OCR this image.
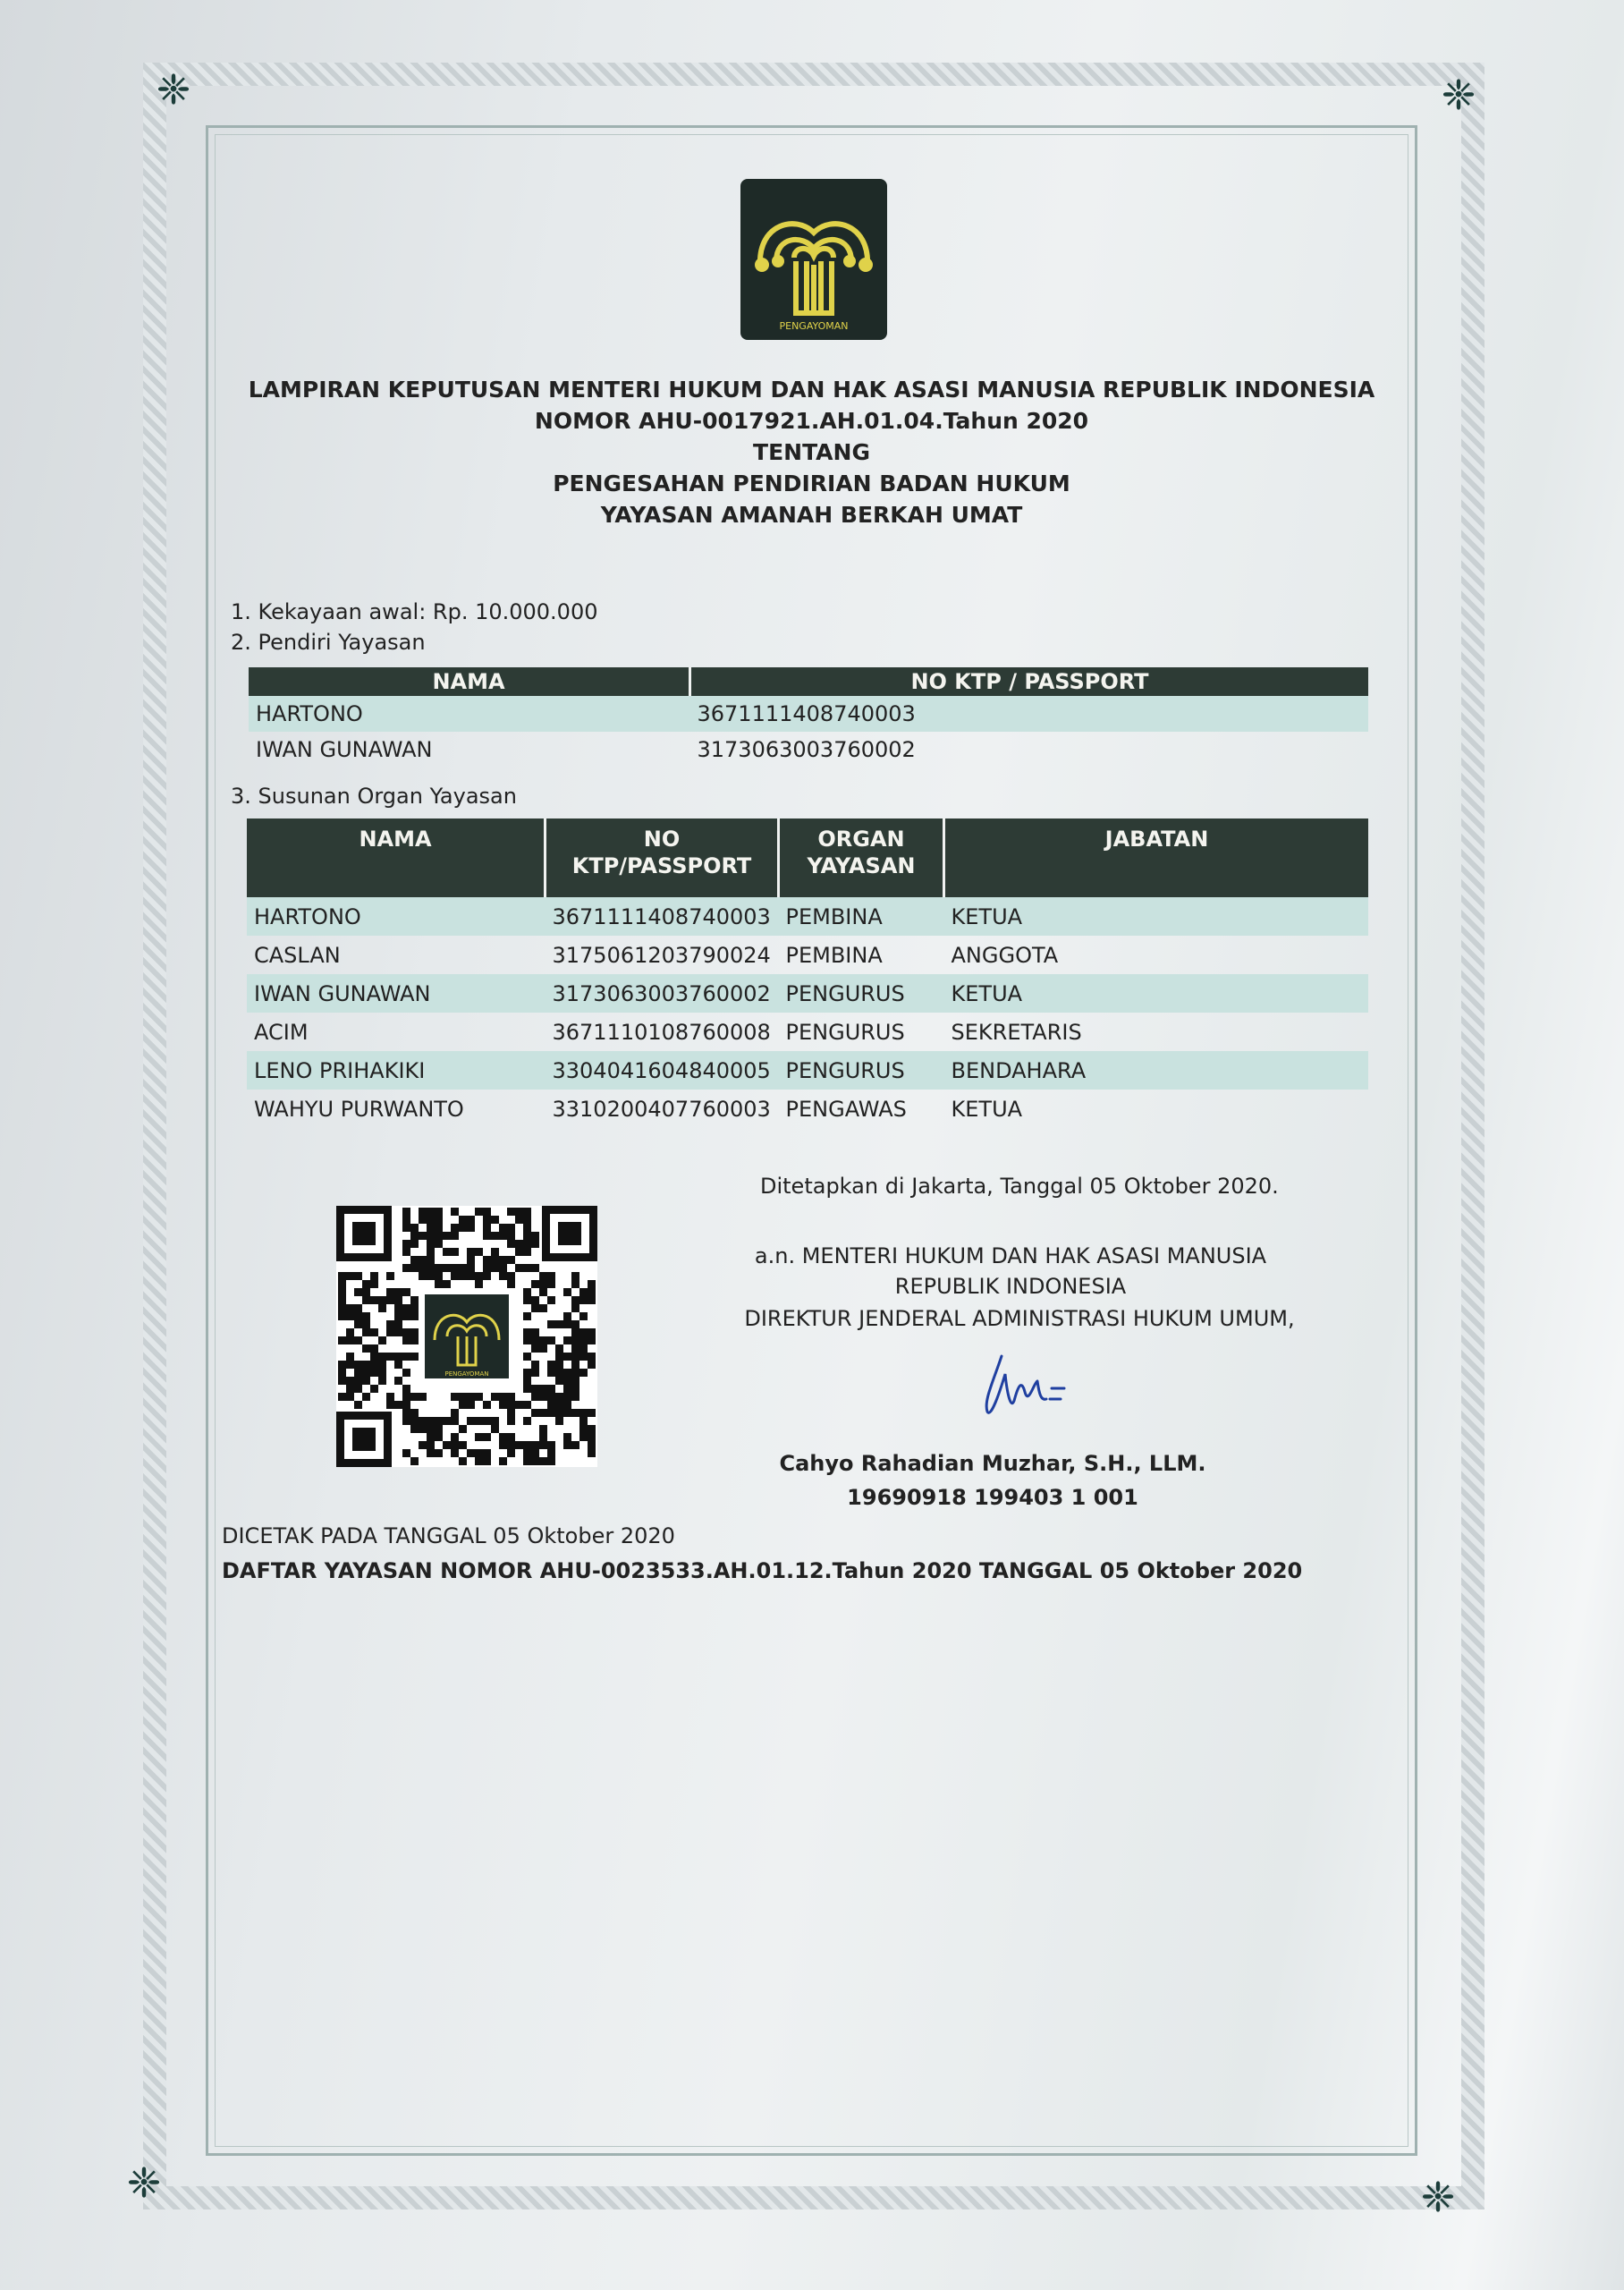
❈	❈
❈	❈
PENGAYOMAN
LAMPIRAN KEPUTUSAN MENTERI HUKUM DAN HAK ASASI MANUSIA REPUBLIK INDONESIA
NOMOR AHU-0017921.AH.01.04.Tahun 2020
TENTANG
PENGESAHAN PENDIRIAN BADAN HUKUM
YAYASAN AMANAH BERKAH UMAT
1. Kekayaan awal: Rp. 10.000.000
2. Pendiri Yayasan
NAMA	NO KTP / PASSPORT
HARTONO	3671111408740003
IWAN GUNAWAN	3173063003760002
3. Susunan Organ Yayasan
NAMA	NO KTP/PASSPORT	ORGAN YAYASAN	JABATAN
HARTONO	3671111408740003	PEMBINA	KETUA
CASLAN	3175061203790024	PEMBINA	ANGGOTA
IWAN GUNAWAN	3173063003760002	PENGURUS	KETUA
ACIM	3671110108760008	PENGURUS	SEKRETARIS
LENO PRIHAKIKI	3304041604840005	PENGURUS	BENDAHARA
WAHYU PURWANTO	3310200407760003	PENGAWAS	KETUA
Ditetapkan di Jakarta, Tanggal 05 Oktober 2020.
a.n. MENTERI HUKUM DAN HAK ASASI MANUSIA
REPUBLIK INDONESIA
DIREKTUR JENDERAL ADMINISTRASI HUKUM UMUM,
Cahyo Rahadian Muzhar, S.H., LLM.
19690918 199403 1 001
PENGAYOMAN
DICETAK PADA TANGGAL 05 Oktober 2020
DAFTAR YAYASAN NOMOR AHU-0023533.AH.01.12.Tahun 2020 TANGGAL 05 Oktober 2020
